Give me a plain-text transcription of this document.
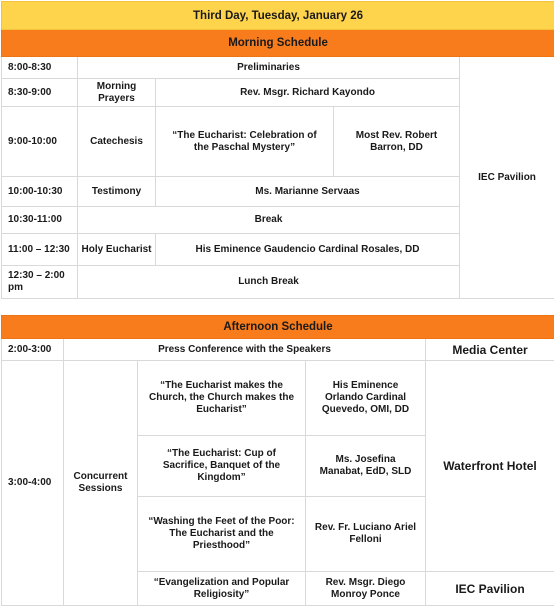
Third Day, Tuesday, January 26				
Morning Schedule				
8:00-8:30	Preliminaries			IEC Pavilion
8:30-9:00	Morning Prayers	Rev. Msgr. Richard Kayondo		
9:00-10:00	Catechesis	“The Eucharist: Celebration of the Paschal Mystery”	Most Rev. Robert Barron, DD	
10:00-10:30	Testimony	Ms. Marianne Servaas		
10:30-11:00	Break			
11:00 – 12:30	Holy Eucharist	His Eminence Gaudencio Cardinal Rosales, DD		
12:30 – 2:00 pm	Lunch Break			
Afternoon Schedule				
2:00-3:00	Press Conference with the Speakers			Media Center
3:00-4:00	Concurrent Sessions	“The Eucharist makes the Church, the Church makes the Eucharist”	His Eminence Orlando Cardinal Quevedo, OMI, DD	Waterfront Hotel
		“The Eucharist: Cup of Sacrifice, Banquet of the Kingdom”	Ms. Josefina Manabat, EdD, SLD	
		“Washing the Feet of the Poor: The Eucharist and the Priesthood”	Rev. Fr. Luciano Ariel Felloni	
		“Evangelization and Popular Religiosity”	Rev. Msgr. Diego Monroy Ponce	IEC Pavilion
